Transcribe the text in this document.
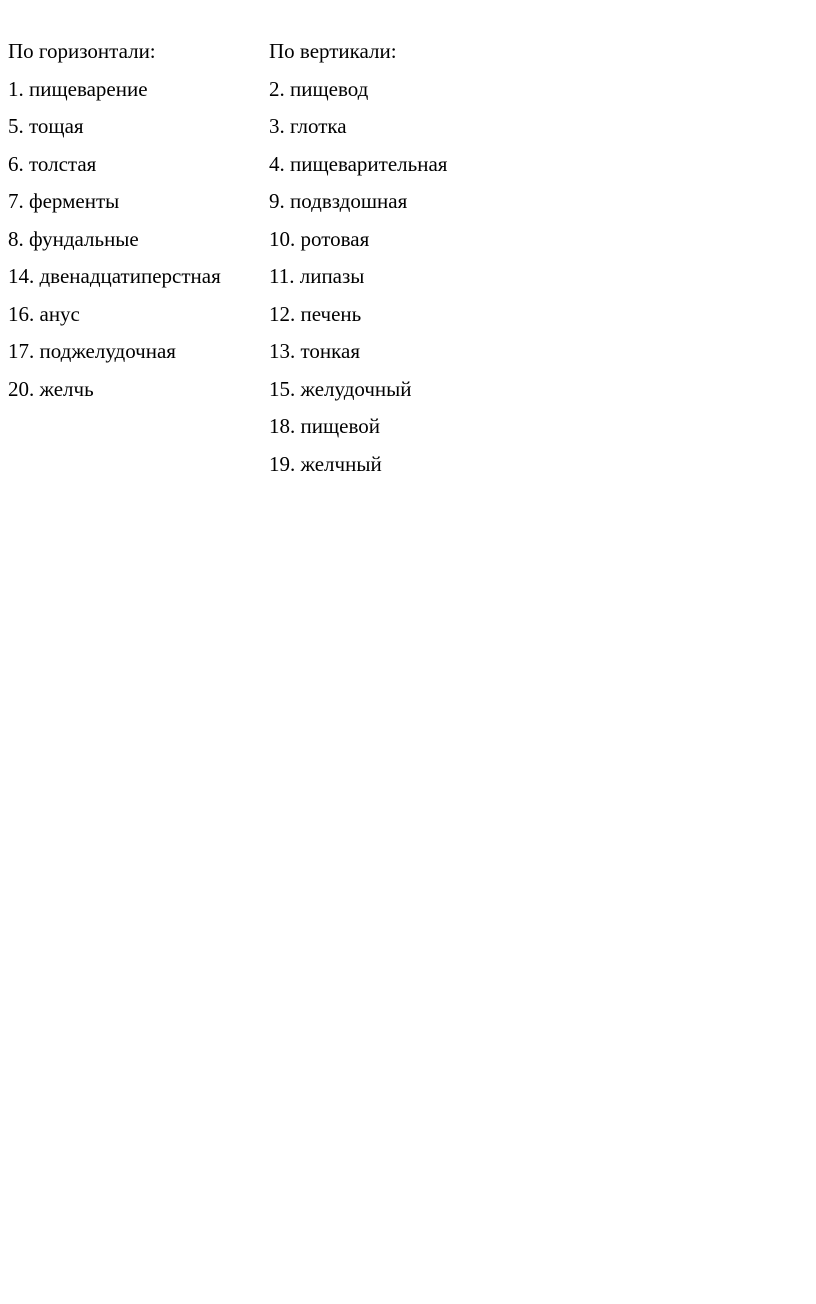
По горизонтали:
1. пищеварение
5. тощая
6. толстая
7. ферменты
8. фундальные
14. двенадцатиперстная
16. анус
17. поджелудочная
20. желчь
По вертикали:
2. пищевод
3. глотка
4. пищеварительная
9. подвздошная
10. ротовая
11. липазы
12. печень
13. тонкая
15. желудочный
18. пищевой
19. желчный
